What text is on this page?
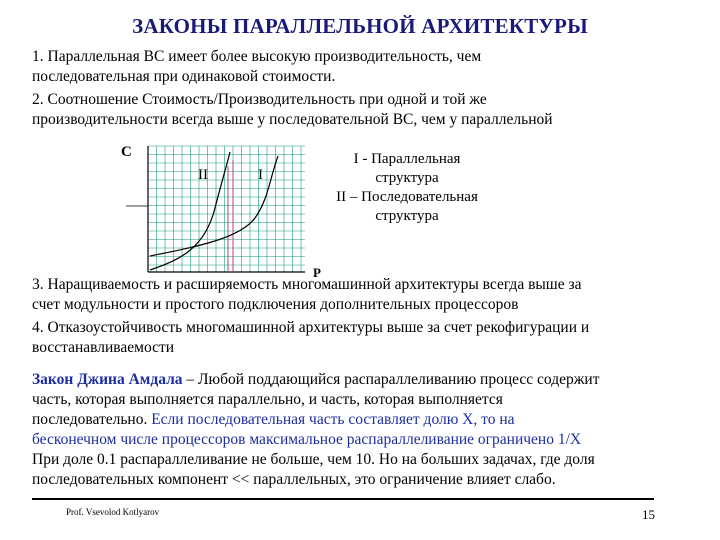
ЗАКОНЫ ПАРАЛЛЕЛЬНОЙ АРХИТЕКТУРЫ
1. Параллельная ВС имеет более высокую производительность, чем
последовательная при одинаковой стоимости.
2. Соотношение Стоимость/Производительность при одной и той же
производительности всегда выше у последовательной ВС, чем у параллельной
C
P
II	I
I - Параллельная
структура
II – Последовательная
структура
3. Наращиваемость и расширяемость многомашинной архитектуры всегда выше за
счет модульности и простого подключения дополнительных процессоров
4. Отказоустойчивость многомашинной архитектуры выше за счет рекофигурации и
восстанавливаемости
Закон Джина Амдала – Любой поддающийся распараллеливанию процесс содержит
часть, которая выполняется параллельно, и часть, которая выполняется
последовательно. Если последовательная часть составляет долю X, то на
бесконечном числе процессоров максимальное распараллеливание ограничено 1/X
При доле 0.1 распараллеливание не больше, чем 10. Но на больших задачах, где доля
последовательных компонент << параллельных, это ограничение влияет слабо.
Prof. Vsevolod Kotlyarov	15
